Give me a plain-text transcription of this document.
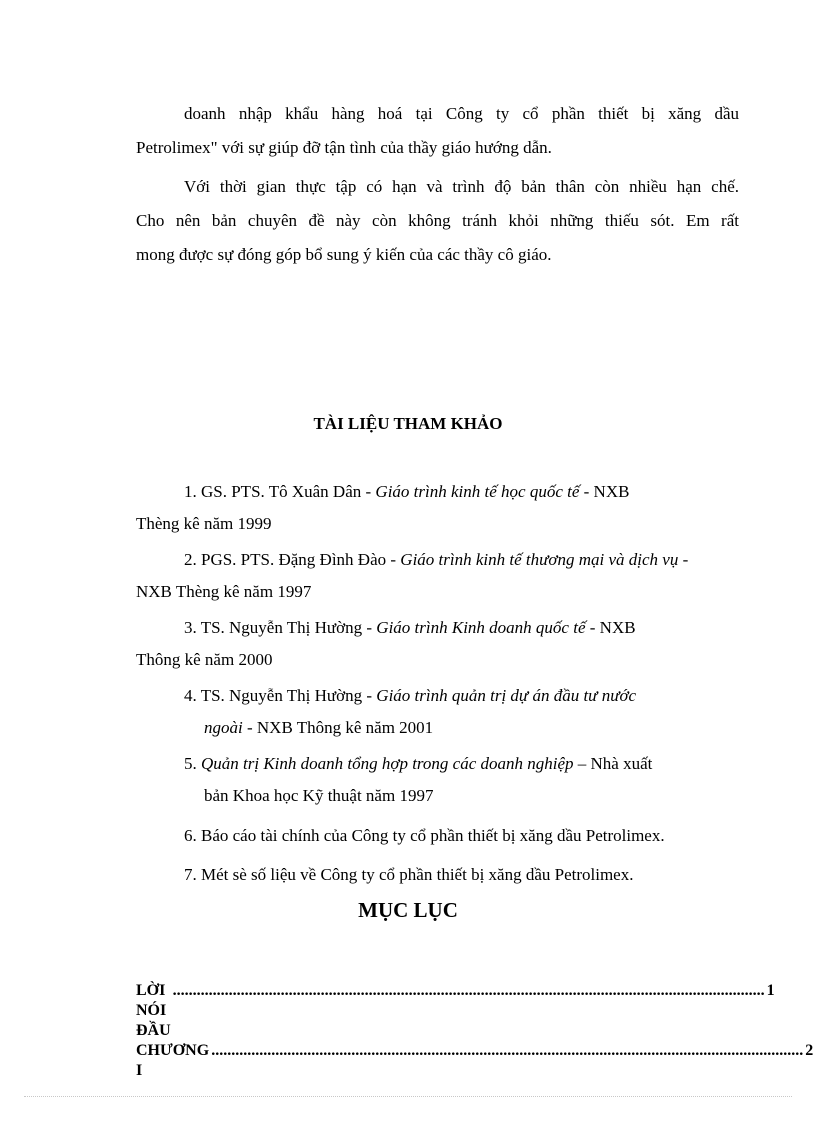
doanh nhập khẩu hàng hoá tại Công ty cổ phần thiết bị xăng dầu
Petrolimex" với sự giúp đỡ tận tình của thầy giáo hướng dẫn.
Với thời gian thực tập có hạn và trình độ bản thân còn nhiều hạn chế.
Cho nên bản chuyên đề này còn không tránh khỏi những thiếu sót. Em rất
mong được sự đóng góp bổ sung ý kiến của các thầy cô giáo.
TÀI LIỆU THAM KHẢO
1. GS. PTS. Tô Xuân Dân - Giáo trình kinh tế học quốc tế - NXB
Thèng kê năm 1999
2. PGS. PTS. Đặng Đình Đào - Giáo trình kinh tế thương mại và dịch vụ -
NXB Thèng kê năm 1997
3. TS. Nguyễn Thị Hường - Giáo trình Kinh doanh quốc tế - NXB
Thông kê năm 2000
4. TS. Nguyễn Thị Hường - Giáo trình quản trị dự án đầu tư nước
ngoài - NXB Thông kê năm 2001
5. Quản trị Kinh doanh tổng hợp trong các doanh nghiệp – Nhà xuất
bản Khoa học Kỹ thuật năm 1997
6. Báo cáo tài chính của Công ty cổ phần thiết bị xăng dầu Petrolimex.
7. Mét sè số liệu về Công ty cổ phần thiết bị xăng dầu Petrolimex.
MỤC LỤC
LỜI NÓI ĐẦU
.................................................................................................................................................... 1
CHƯƠNG I
.................................................................................................................................................... 2
